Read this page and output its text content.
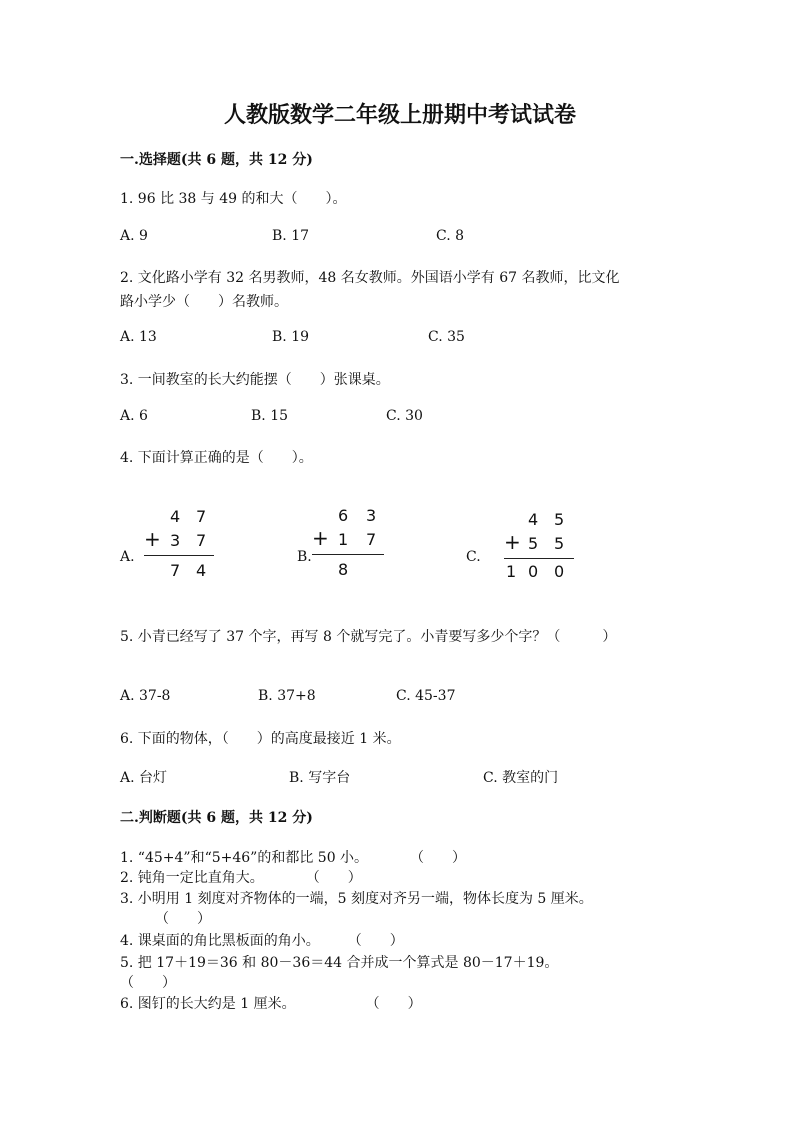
人教版数学二年级上册期中考试试卷
一.选择题(共 6 题，共 12 分)
1. 96 比 38 与 49 的和大（　　）。
A. 9	B. 17	C. 8
2. 文化路小学有 32 名男教师，48 名女教师。外国语小学有 67 名教师，比文化
路小学少（　　）名教师。
A. 13	B. 19	C. 35
3. 一间教室的长大约能摆（　　）张课桌。
A. 6	B. 15	C. 30
4. 下面计算正确的是（　　）。
A.
4 7
+ 3 7
7 4
B.
6 3
+ 1 7
8
C.
4 5
+ 5 5
1 0 0
5. 小青已经写了 37 个字，再写 8 个就写完了。小青要写多少个字？（　　　）
A. 37-8	B. 37+8	C. 45-37
6. 下面的物体，（　　）的高度最接近 1 米。
A. 台灯	B. 写字台	C. 教室的门
二.判断题(共 6 题，共 12 分)
1. “45+4”和“5+46”的和都比 50 小。　　　　（　　）
2. 钝角一定比直角大。　　　　（　　）
3. 小明用 1 刻度对齐物体的一端，5 刻度对齐另一端，物体长度为 5 厘米。
　　　（　　）
4. 课桌面的角比黑板面的角小。　　　（　　）
5. 把 17＋19＝36 和 80－36＝44 合并成一个算式是 80－17＋19。
（　　）
6. 图钉的长大约是 1 厘米。　　　　　　（　　）
